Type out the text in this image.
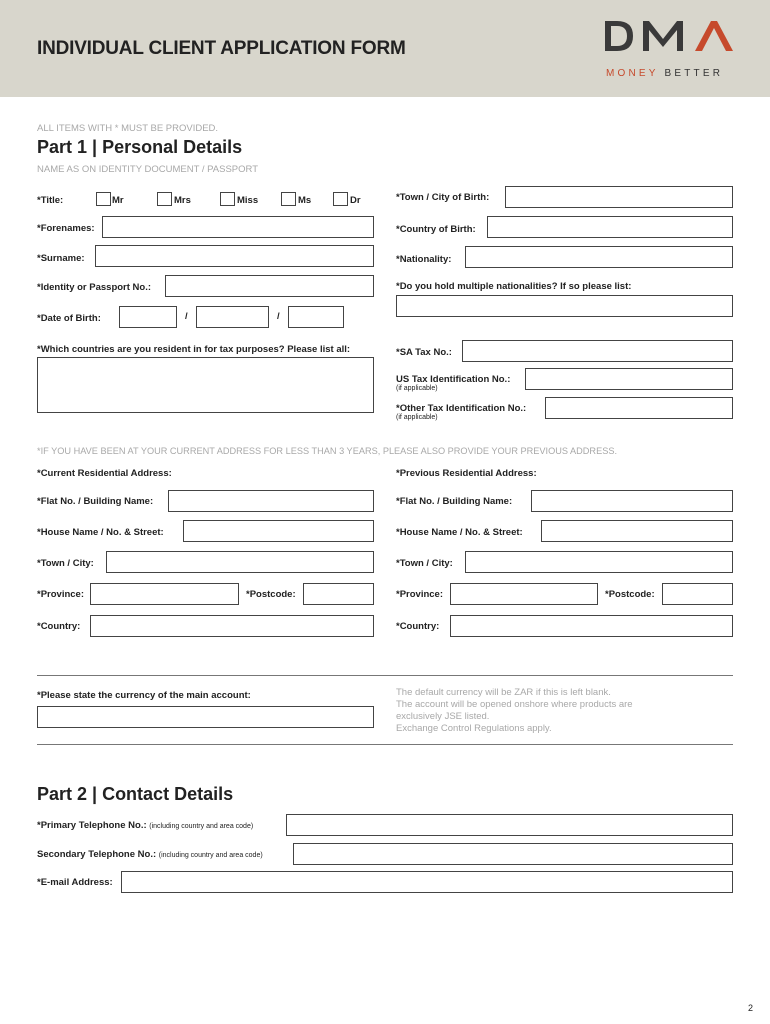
INDIVIDUAL CLIENT APPLICATION FORM
MONEY BETTER
ALL ITEMS WITH * MUST BE PROVIDED.
Part 1 | Personal Details
NAME AS ON IDENTITY DOCUMENT / PASSPORT
*Title:	Mr	Mrs	Miss	Ms	Dr
*Forenames:
*Surname:
*Identity or Passport No.:
*Date of Birth:	/	/
*Which countries are you resident in for tax purposes? Please list all:
*Town / City of Birth:
*Country of Birth:
*Nationality:
*Do you hold multiple nationalities? If so please list:
*SA Tax No.:
US Tax Identification No.:
(if applicable)
*Other Tax Identification No.:
(if applicable)
*IF YOU HAVE BEEN AT YOUR CURRENT ADDRESS FOR LESS THAN 3 YEARS, PLEASE ALSO PROVIDE YOUR PREVIOUS ADDRESS.
*Current Residential Address:	*Previous Residential Address:
*Flat No. / Building Name:
*House Name / No. & Street:
*Town / City:
*Province:	*Postcode:
*Country:
*Flat No. / Building Name:
*House Name / No. & Street:
*Town / City:
*Province:	*Postcode:
*Country:
*Please state the currency of the main account:	The default currency will be ZAR if this is left blank.
The account will be opened onshore where products are
exclusively JSE listed.
Exchange Control Regulations apply.
Part 2 | Contact Details
*Primary Telephone No.: (including country and area code)
Secondary Telephone No.: (including country and area code)
*E-mail Address:
2
